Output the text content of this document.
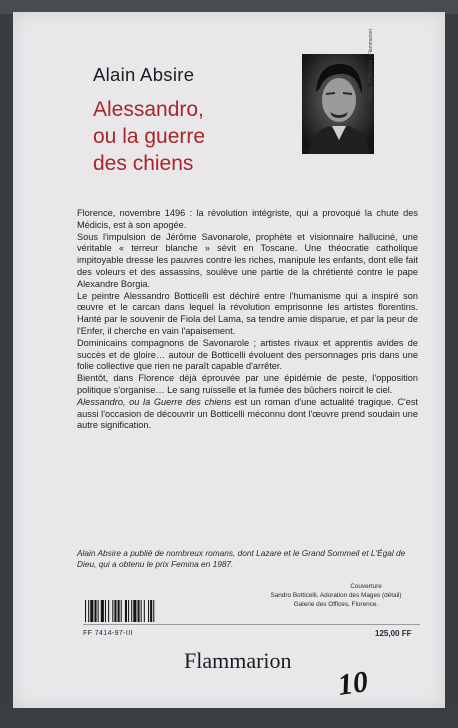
Alain Absire
Alessandro,
ou la guerre
des chiens
Photo : P. Perforte / Flammarion

Florence, novembre 1496 : la révolution intégriste, qui a provoqué la chute des Médicis, est à son apogée.

Sous l'impulsion de Jérôme Savonarole, prophète et visionnaire halluciné, une véritable « terreur blanche » sévit en Toscane. Une théocratie catholique impitoyable dresse les pauvres contre les riches, manipule les enfants, dont elle fait des voleurs et des assassins, soulève une partie de la chrétienté contre le pape Alexandre Borgia.

Le peintre Alessandro Botticelli est déchiré entre l'humanisme qui a inspiré son œuvre et le carcan dans lequel la révolution emprisonne les artistes florentins. Hanté par le souvenir de Fiola del Lama, sa tendre amie disparue, et par la peur de l'Enfer, il cherche en vain l'apaisement.

Dominicains compagnons de Savonarole ; artistes rivaux et apprentis avides de succès et de gloire… autour de Botticelli évoluent des personnages pris dans une folie collective que rien ne paraît capable d'arrêter.

Bientôt, dans Florence déjà éprouvée par une épidémie de peste, l'opposition politique s'organise… Le sang ruisselle et la fumée des bûchers noircit le ciel.

Alessandro, ou la Guerre des chiens est un roman d'une actualité tragique. C'est aussi l'occasion de découvrir un Botticelli méconnu dont l'œuvre prend soudain une autre signification.

Alain Absire a publié de nombreux romans, dont Lazare et le Grand Sommeil et L'Égal de Dieu, qui a obtenu le prix Femina en 1987.
Couverture
Sandro Botticelli, Adoration des Mages (détail)
Galerie des Offices, Florence.
FF 7414-97-III	125,00 FF
Flammarion
10
